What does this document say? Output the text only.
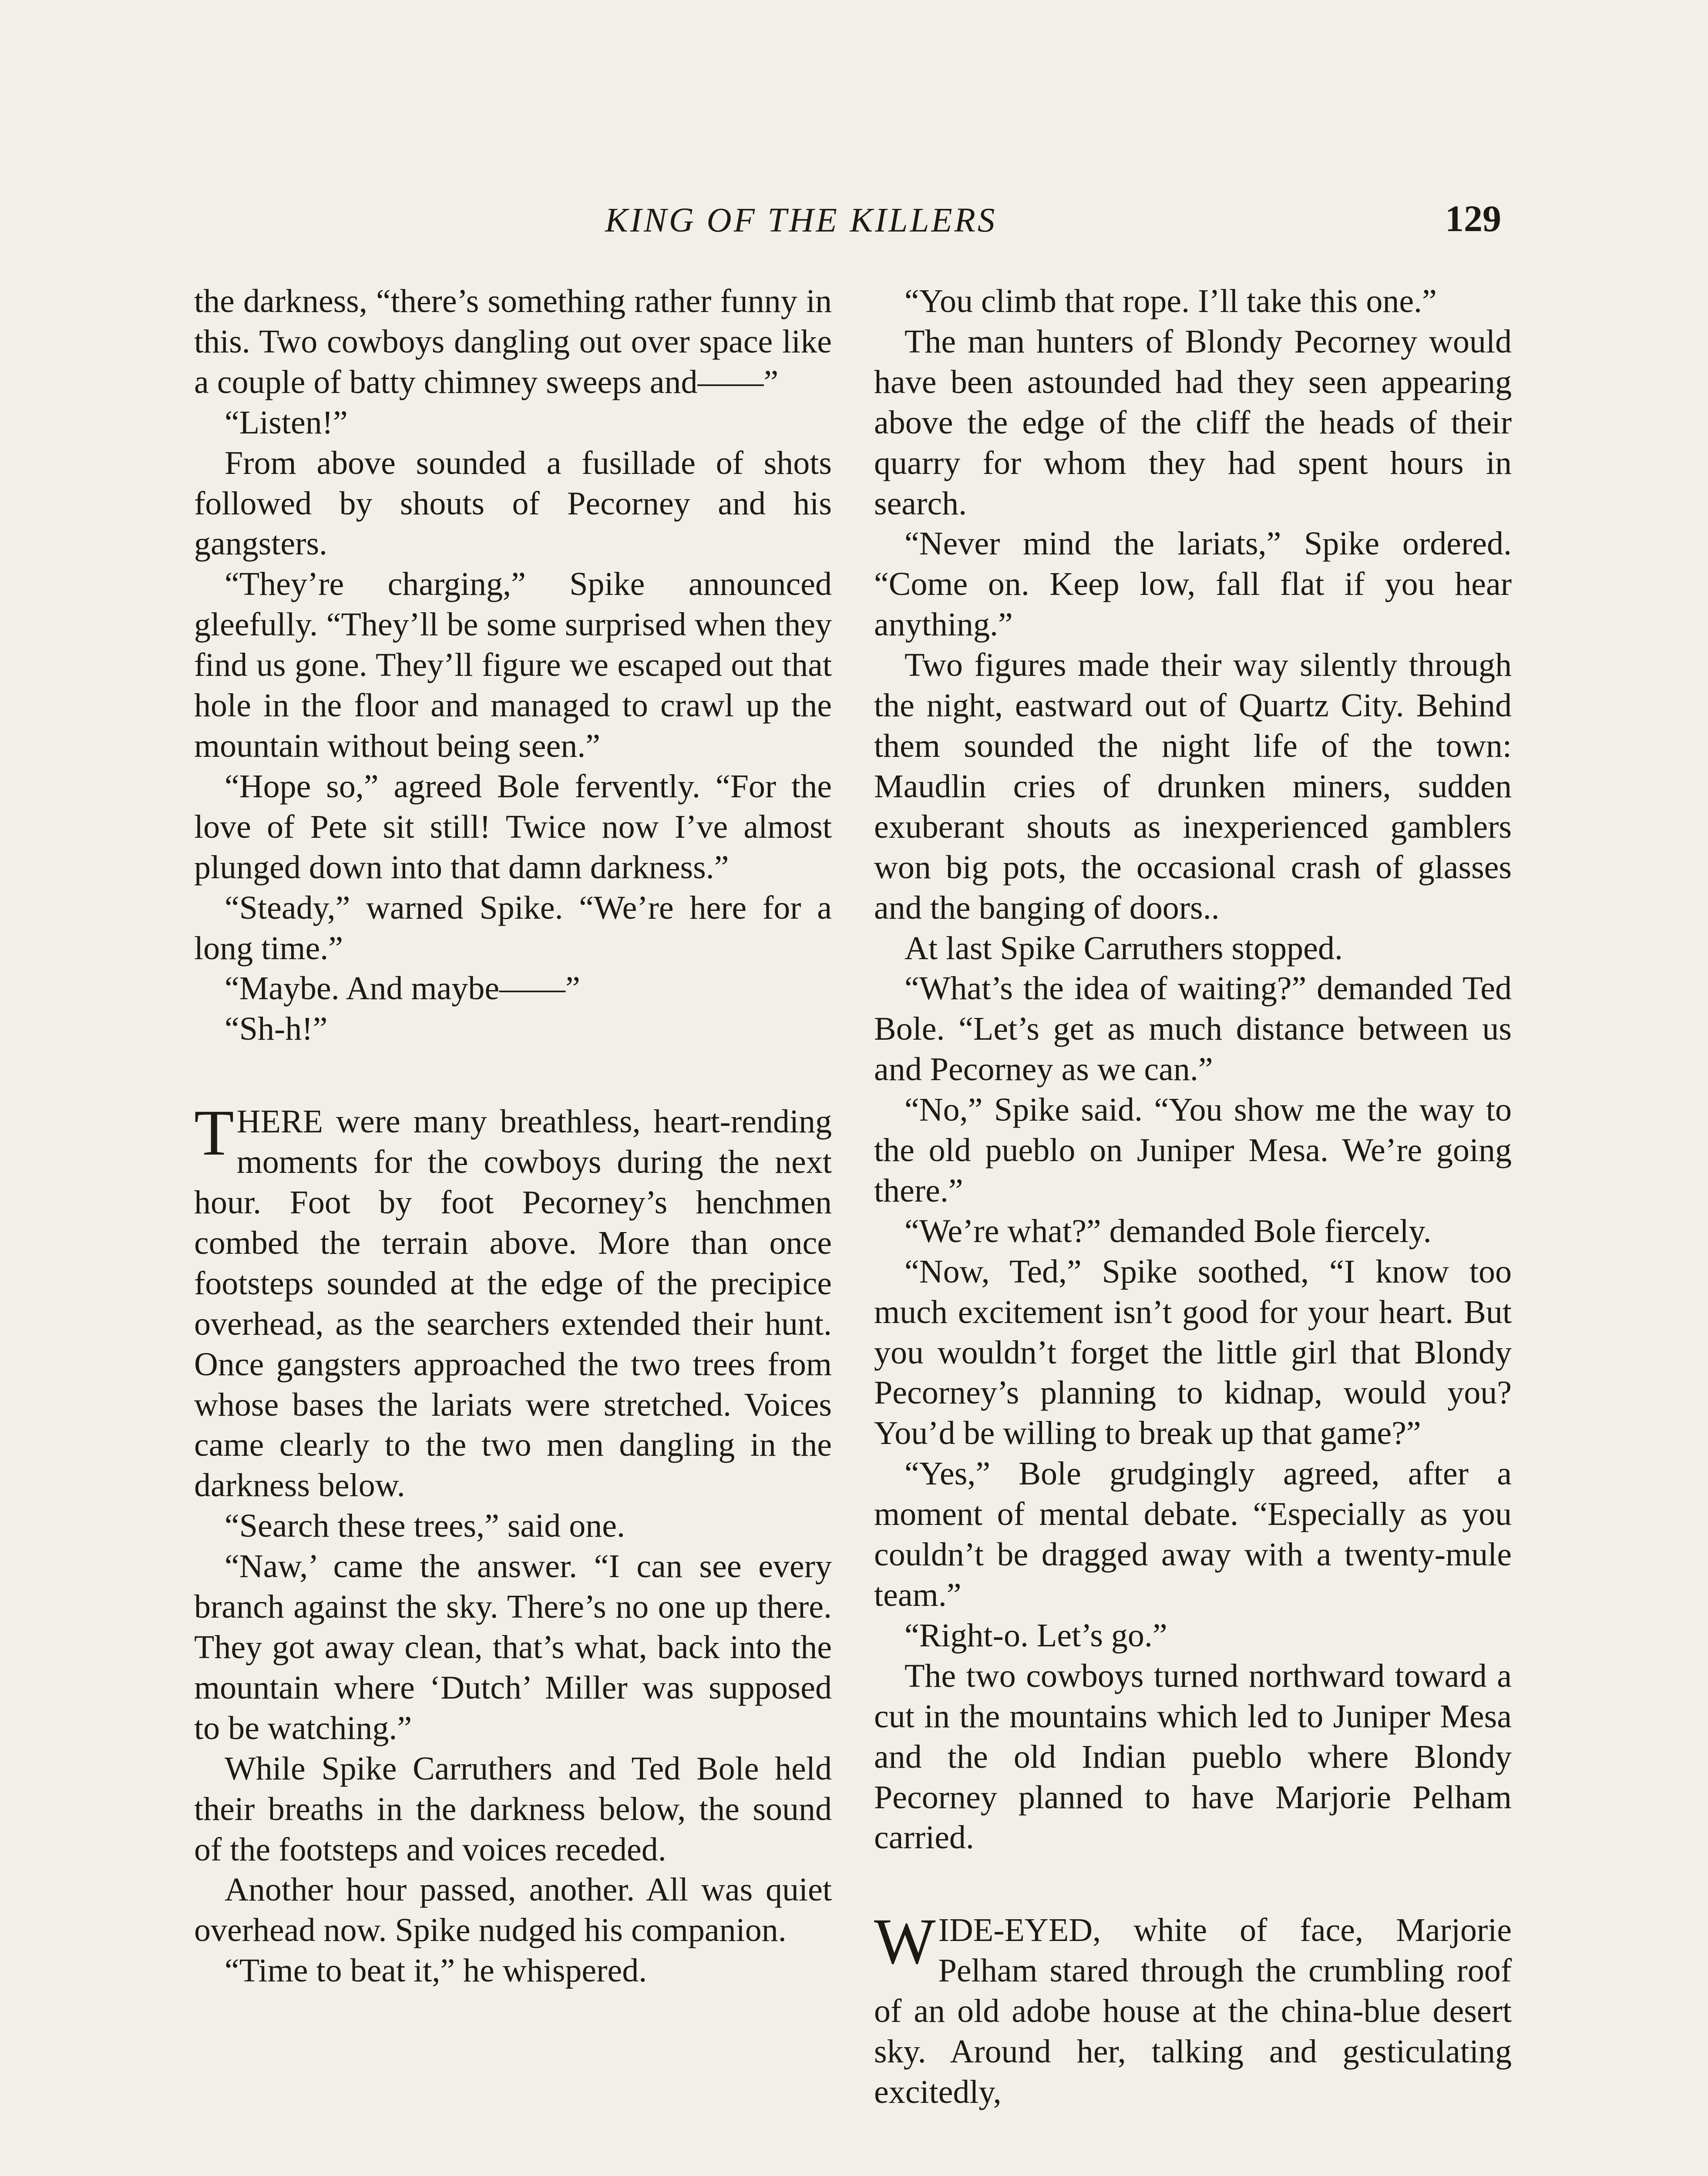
KING OF THE KILLERS	129

the darkness, “there’s something rather funny in this. Two cowboys dangling out over space like a couple of batty chimney sweeps and——”

“Listen!”

From above sounded a fusillade of shots followed by shouts of Pecorney and his gangsters.

“They’re charging,” Spike announced gleefully. “They’ll be some surprised when they find us gone. They’ll figure we escaped out that hole in the floor and managed to crawl up the mountain without being seen.”

“Hope so,” agreed Bole fervently. “For the love of Pete sit still! Twice now I’ve almost plunged down into that damn darkness.”

“Steady,” warned Spike. “We’re here for a long time.”

“Maybe. And maybe——”

“Sh-h!”

THERE were many breathless, heart-rending moments for the cowboys during the next hour. Foot by foot Pecorney’s henchmen combed the terrain above. More than once footsteps sounded at the edge of the precipice overhead, as the searchers extended their hunt. Once gangsters approached the two trees from whose bases the lariats were stretched. Voices came clearly to the two men dangling in the darkness below.

“Search these trees,” said one.

“Naw,’ came the answer. “I can see every branch against the sky. There’s no one up there. They got away clean, that’s what, back into the mountain where ‘Dutch’ Miller was supposed to be watching.”

While Spike Carruthers and Ted Bole held their breaths in the darkness below, the sound of the footsteps and voices receded.

Another hour passed, another. All was quiet overhead now. Spike nudged his companion.

“Time to beat it,” he whispered.

“You climb that rope. I’ll take this one.”

The man hunters of Blondy Pecorney would have been astounded had they seen appearing above the edge of the cliff the heads of their quarry for whom they had spent hours in search.

“Never mind the lariats,” Spike ordered. “Come on. Keep low, fall flat if you hear anything.”

Two figures made their way silently through the night, eastward out of Quartz City. Behind them sounded the night life of the town: Maudlin cries of drunken miners, sudden exuberant shouts as inexperienced gamblers won big pots, the occasional crash of glasses and the banging of doors..

At last Spike Carruthers stopped.

“What’s the idea of waiting?” demanded Ted Bole. “Let’s get as much distance between us and Pecorney as we can.”

“No,” Spike said. “You show me the way to the old pueblo on Juniper Mesa. We’re going there.”

“We’re what?” demanded Bole fiercely.

“Now, Ted,” Spike soothed, “I know too much excitement isn’t good for your heart. But you wouldn’t forget the little girl that Blondy Pecorney’s planning to kidnap, would you? You’d be willing to break up that game?”

“Yes,” Bole grudgingly agreed, after a moment of mental debate. “Especially as you couldn’t be dragged away with a twenty-mule team.”

“Right-o. Let’s go.”

The two cowboys turned northward toward a cut in the mountains which led to Juniper Mesa and the old Indian pueblo where Blondy Pecorney planned to have Marjorie Pelham carried.

WIDE-EYED, white of face, Marjorie Pelham stared through the crumbling roof of an old adobe house at the china-blue desert sky. Around her, talking and gesticulating excitedly,
